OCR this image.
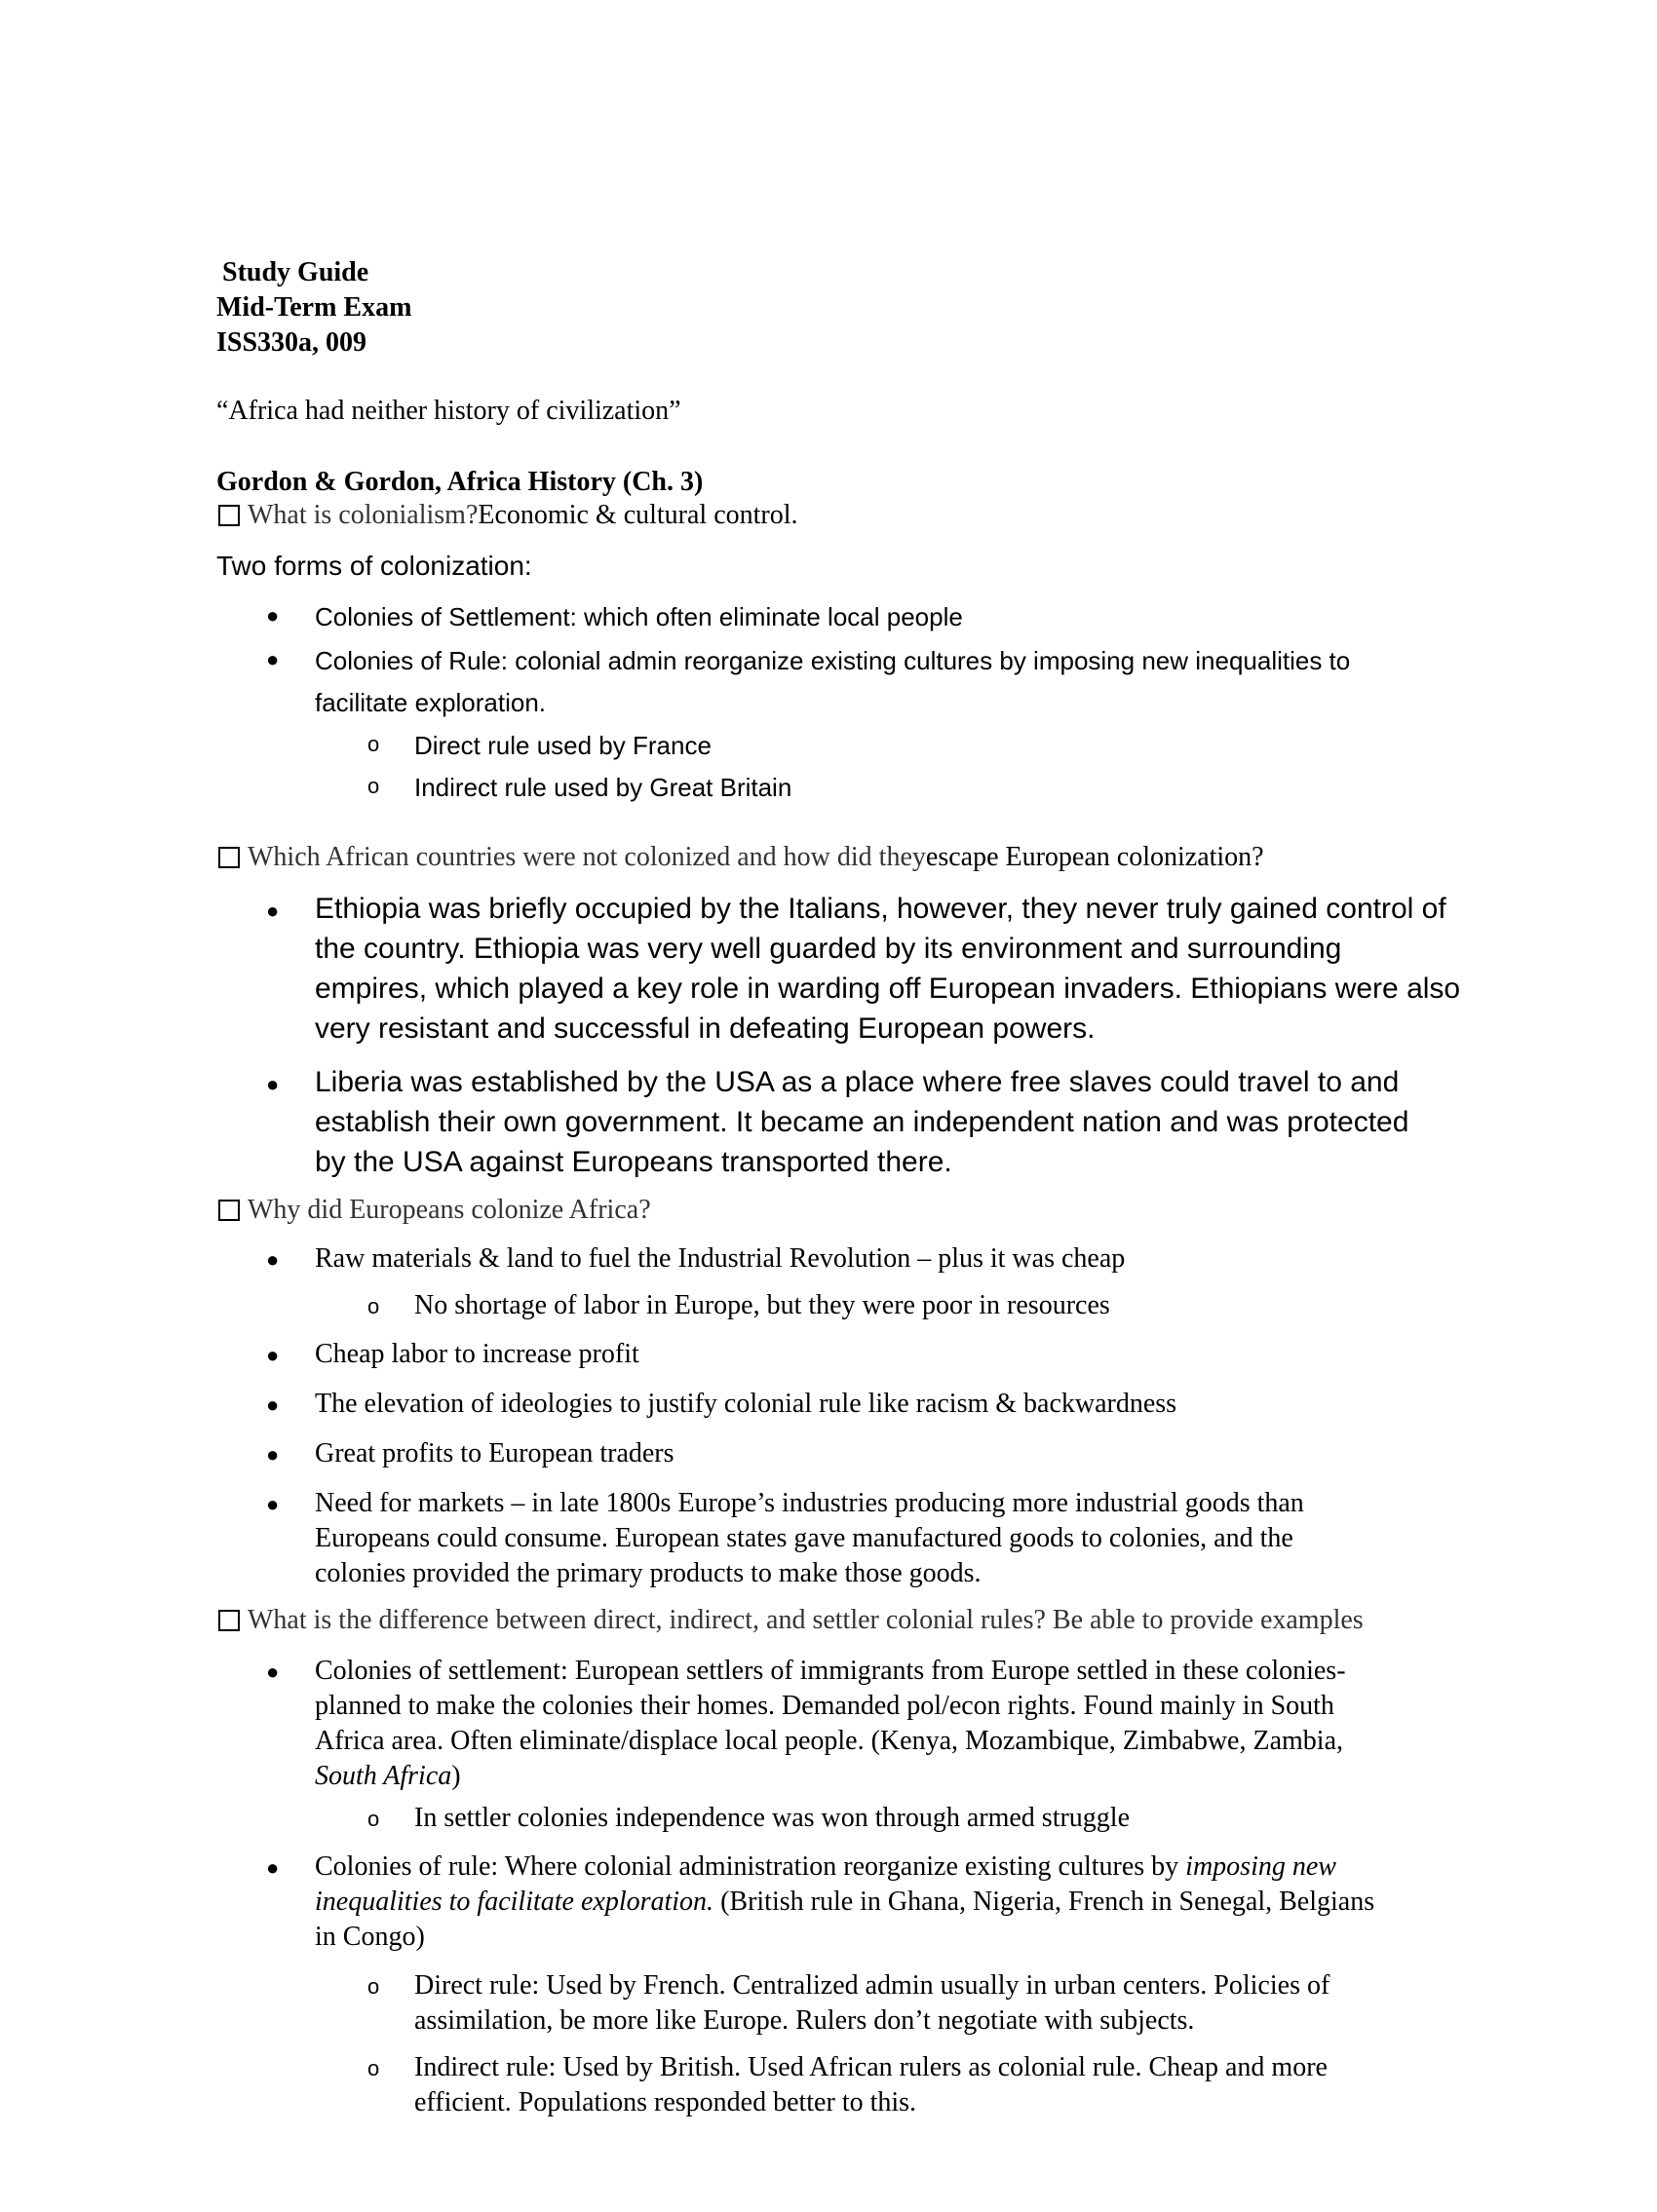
Study Guide
Mid-Term Exam
ISS330a, 009
“Africa had neither history of civilization”
Gordon & Gordon, Africa History (Ch. 3)
What is colonialism?Economic & cultural control.
Two forms of colonization:
● Colonies of Settlement: which often eliminate local people
● Colonies of Rule: colonial admin reorganize existing cultures by imposing new inequalities to
facilitate exploration.
o Direct rule used by France
o Indirect rule used by Great Britain
Which African countries were not colonized and how did theyescape European colonization?
● Ethiopia was briefly occupied by the Italians, however, they never truly gained control of
the country. Ethiopia was very well guarded by its environment and surrounding
empires, which played a key role in warding off European invaders. Ethiopians were also
very resistant and successful in defeating European powers.
● Liberia was established by the USA as a place where free slaves could travel to and
establish their own government. It became an independent nation and was protected
by the USA against Europeans transported there.
Why did Europeans colonize Africa?
● Raw materials & land to fuel the Industrial Revolution – plus it was cheap
o No shortage of labor in Europe, but they were poor in resources
● Cheap labor to increase profit
● The elevation of ideologies to justify colonial rule like racism & backwardness
● Great profits to European traders
● Need for markets – in late 1800s Europe’s industries producing more industrial goods than
Europeans could consume. European states gave manufactured goods to colonies, and the
colonies provided the primary products to make those goods.
What is the difference between direct, indirect, and settler colonial rules? Be able to provide examples
● Colonies of settlement: European settlers of immigrants from Europe settled in these colonies-
planned to make the colonies their homes. Demanded pol/econ rights. Found mainly in South
Africa area. Often eliminate/displace local people. (Kenya, Mozambique, Zimbabwe, Zambia,
South Africa)
o In settler colonies independence was won through armed struggle
● Colonies of rule: Where colonial administration reorganize existing cultures by imposing new
inequalities to facilitate exploration. (British rule in Ghana, Nigeria, French in Senegal, Belgians
in Congo)
o Direct rule: Used by French. Centralized admin usually in urban centers. Policies of
assimilation, be more like Europe. Rulers don’t negotiate with subjects.
o Indirect rule: Used by British. Used African rulers as colonial rule. Cheap and more
efficient. Populations responded better to this.
